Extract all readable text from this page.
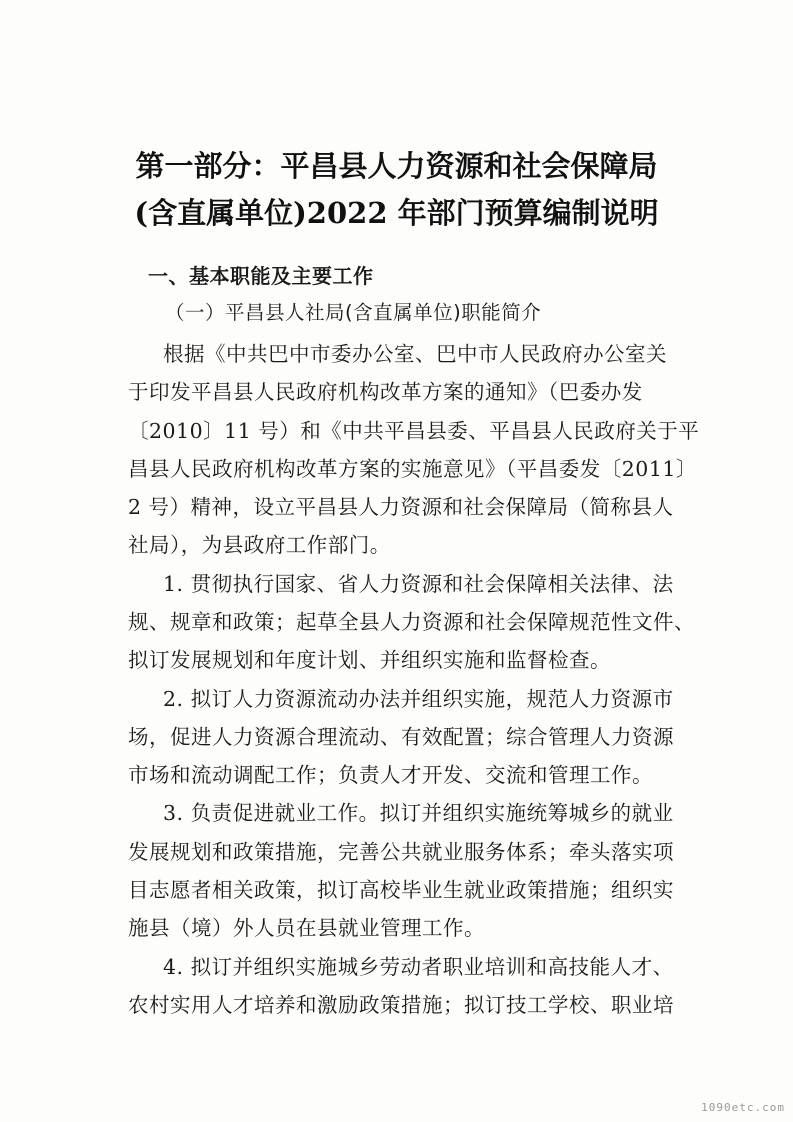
第一部分：平昌县人力资源和社会保障局
(含直属单位)2022 年部门预算编制说明
一、基本职能及主要工作
（一）平昌县人社局(含直属单位)职能简介
根据《中共巴中市委办公室、巴中市人民政府办公室关
于印发平昌县人民政府机构改革方案的通知》（巴委办发
〔2010〕11 号）和《中共平昌县委、平昌县人民政府关于平
昌县人民政府机构改革方案的实施意见》（平昌委发〔2011〕
2 号）精神，设立平昌县人力资源和社会保障局（简称县人
社局），为县政府工作部门。
1. 贯彻执行国家、省人力资源和社会保障相关法律、法
规、规章和政策；起草全县人力资源和社会保障规范性文件、
拟订发展规划和年度计划、并组织实施和监督检查。
2. 拟订人力资源流动办法并组织实施，规范人力资源市
场，促进人力资源合理流动、有效配置；综合管理人力资源
市场和流动调配工作；负责人才开发、交流和管理工作。
3. 负责促进就业工作。拟订并组织实施统筹城乡的就业
发展规划和政策措施，完善公共就业服务体系；牵头落实项
目志愿者相关政策，拟订高校毕业生就业政策措施；组织实
施县（境）外人员在县就业管理工作。
4. 拟订并组织实施城乡劳动者职业培训和高技能人才、
农村实用人才培养和激励政策措施；拟订技工学校、职业培
1090etc.com
